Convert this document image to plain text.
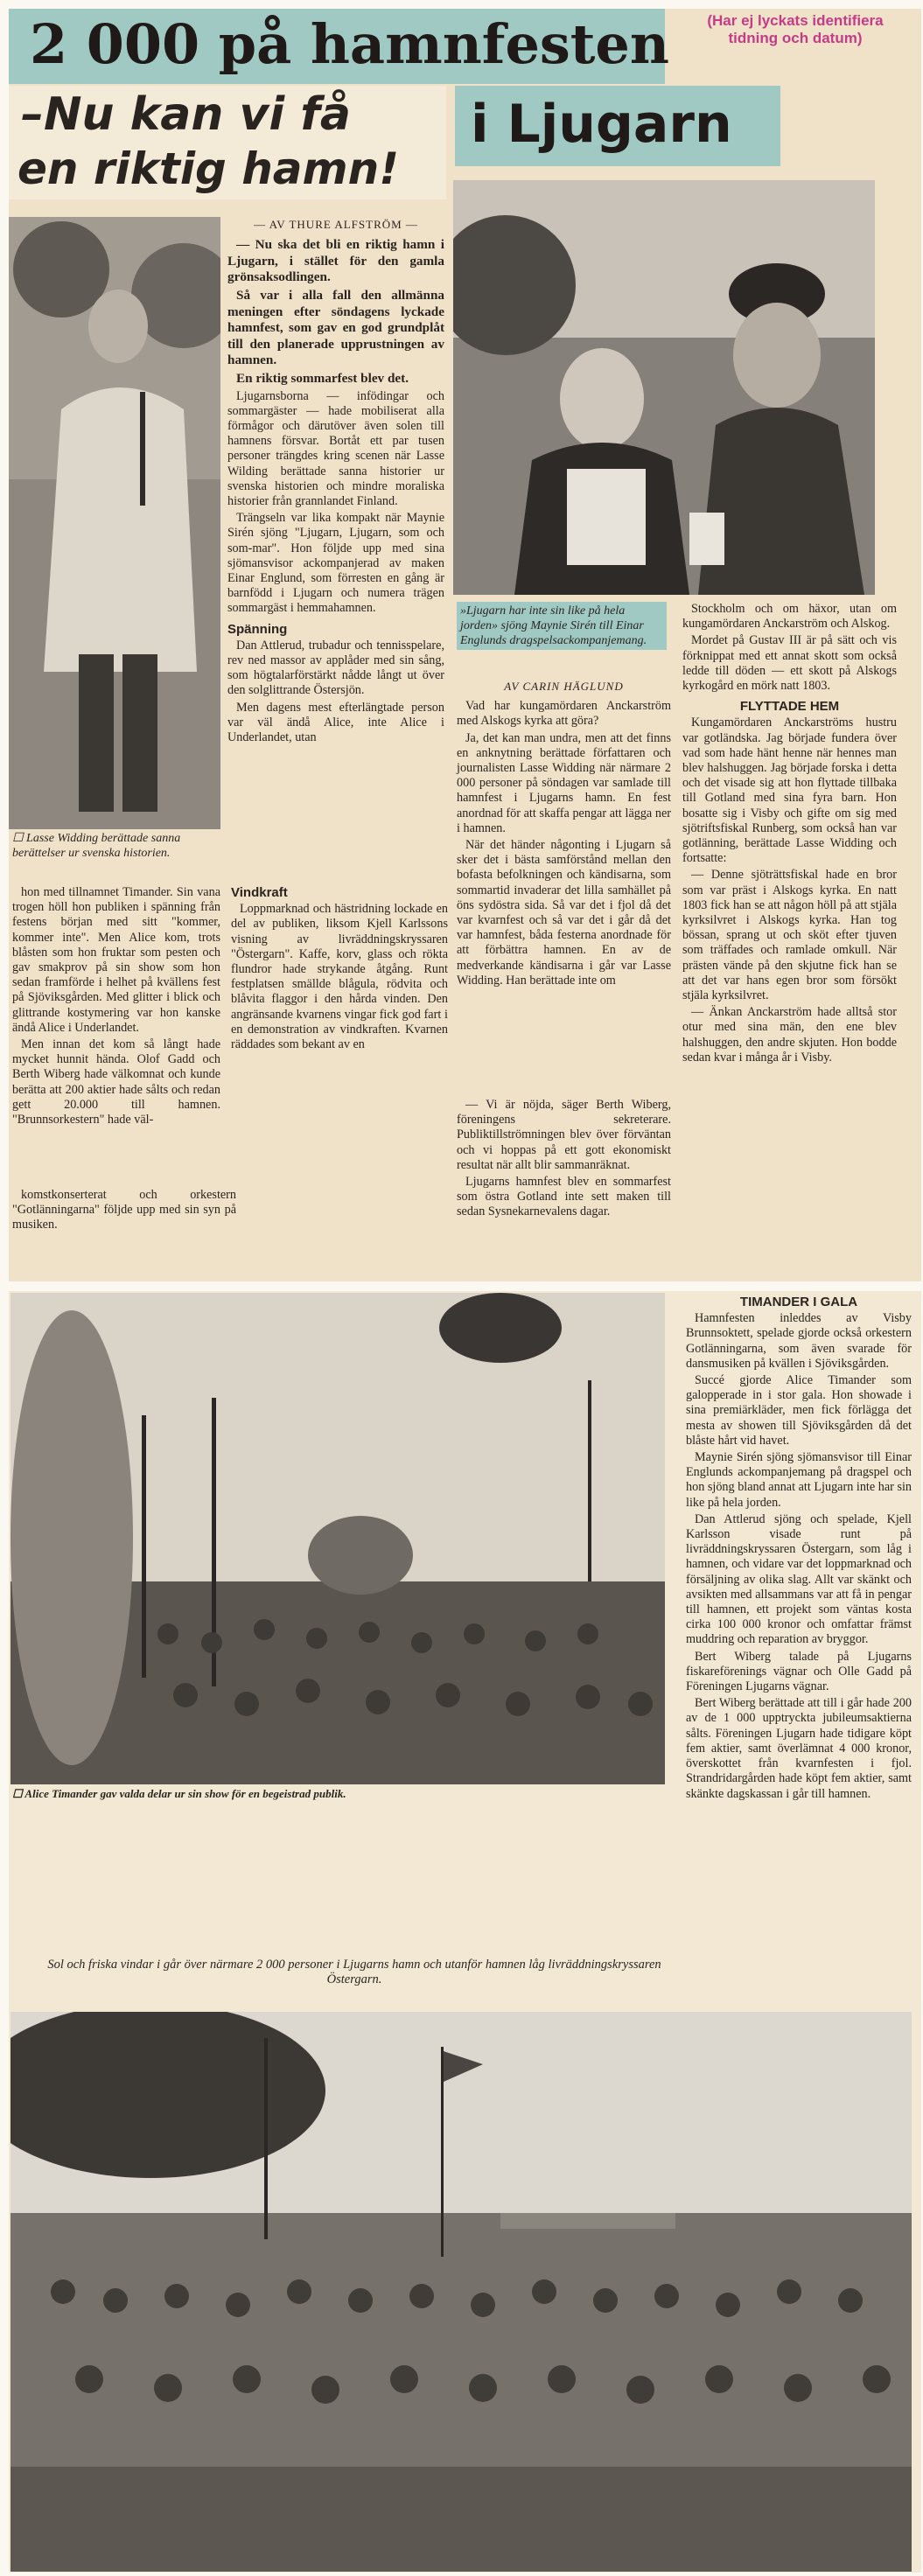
2 000 på hamnfesten	(Har ej lyckats identifiera
tidning och datum)
–Nu kan vi få
en riktig hamn!
i Ljugarn
☐ Lasse Widding berättade sanna berättelser ur svenska historien.
— AV THURE ALFSTRÖM —

— Nu ska det bli en riktig hamn i Ljugarn, i stället för den gamla grönsaksodlingen.

Så var i alla fall den allmänna meningen efter söndagens lyckade hamnfest, som gav en god grundplåt till den planerade upprustningen av hamnen.

En riktig sommarfest blev det.

Ljugarnsborna — infödingar och sommargäster — hade mobiliserat alla förmågor och därutöver även solen till hamnens försvar. Bortåt ett par tusen personer trängdes kring scenen när Lasse Wilding berättade sanna historier ur svenska historien och mindre moraliska historier från grannlandet Finland.

Trängseln var lika kompakt när Maynie Sirén sjöng "Ljugarn, Ljugarn, som och som-mar". Hon följde upp med sina sjömansvisor ackompanjerad av maken Einar Englund, som förresten en gång är barnfödd i Ljugarn och numera trägen sommargäst i hemmahamnen.

Spänning

Dan Attlerud, trubadur och tennisspelare, rev ned massor av applåder med sin sång, som högtalarförstärkt nådde långt ut över den solglittrande Östersjön.

Men dagens mest efterlängtade person var väl ändå Alice, inte Alice i Underlandet, utan

hon med tillnamnet Timander. Sin vana trogen höll hon publiken i spänning från festens början med sitt "kommer, kommer inte". Men Alice kom, trots blåsten som hon fruktar som pesten och gav smakprov på sin show som hon sedan framförde i helhet på kvällens fest på Sjöviksgården. Med glitter i blick och glittrande kostymering var hon kanske ändå Alice i Underlandet.

Men innan det kom så långt hade mycket hunnit hända. Olof Gadd och Berth Wiberg hade välkomnat och kunde berätta att 200 aktier hade sålts och redan gett 20.000 till hamnen. "Brunnsorkestern" hade väl-

komstkonserterat och orkestern "Gotlänningarna" följde upp med sin syn på musiken.

Vindkraft

Loppmarknad och hästridning lockade en del av publiken, liksom Kjell Karlssons visning av livräddningskryssaren "Östergarn". Kaffe, korv, glass och rökta flundror hade strykande åtgång. Runt festplatsen smällde blågula, rödvita och blåvita flaggor i den hårda vinden. Den angränsande kvarnens vingar fick god fart i en demonstration av vindkraften. Kvarnen räddades som bekant av en

»Ljugarn har inte sin like på hela jorden» sjöng Maynie Sirén till Einar Englunds dragspelsackompanjemang.
AV CARIN HÄGLUND

Vad har kungamördaren Anckarström med Alskogs kyrka att göra?

Ja, det kan man undra, men att det finns en anknytning berättade författaren och journalisten Lasse Widding när närmare 2 000 personer på söndagen var samlade till hamnfest i Ljugarns hamn. En fest anordnad för att skaffa pengar att lägga ner i hamnen.

När det händer någonting i Ljugarn så sker det i bästa samförstånd mellan den bofasta befolkningen och kändisarna, som sommartid invaderar det lilla samhället på öns sydöstra sida. Så var det i fjol då det var kvarnfest och så var det i går då det var hamnfest, båda festerna anordnade för att förbättra hamnen. En av de medverkande kändisarna i går var Lasse Widding. Han berättade inte om

— Vi är nöjda, säger Berth Wiberg, föreningens sekreterare. Publiktillströmningen blev över förväntan och vi hoppas på ett gott ekonomiskt resultat när allt blir sammanräknat.

Ljugarns hamnfest blev en sommarfest som östra Gotland inte sett maken till sedan Sysnekarnevalens dagar.

Stockholm och om häxor, utan om kungamördaren Anckarström och Alskog.

Mordet på Gustav III är på sätt och vis förknippat med ett annat skott som också ledde till döden — ett skott på Alskogs kyrkogård en mörk natt 1803.

FLYTTADE HEM

Kungamördaren Anckarströms hustru var gotländska. Jag började fundera över vad som hade hänt henne när hennes man blev halshuggen. Jag började forska i detta och det visade sig att hon flyttade tillbaka till Gotland med sina fyra barn. Hon bosatte sig i Visby och gifte om sig med sjötriftsfiskal Runberg, som också han var gotlänning, berättade Lasse Widding och fortsatte:

— Denne sjöträttsfiskal hade en bror som var präst i Alskogs kyrka. En natt 1803 fick han se att någon höll på att stjäla kyrksilvret i Alskogs kyrka. Han tog bössan, sprang ut och sköt efter tjuven som träffades och ramlade omkull. När prästen vände på den skjutne fick han se att det var hans egen bror som försökt stjäla kyrksilvret.

— Änkan Anckarström hade alltså stor otur med sina män, den ene blev halshuggen, den andre skjuten. Hon bodde sedan kvar i många år i Visby.

☐ Alice Timander gav valda delar ur sin show för en begeistrad publik.
TIMANDER I GALA

Hamnfesten inleddes av Visby Brunnsoktett, spelade gjorde också orkestern Gotlänningarna, som även svarade för dansmusiken på kvällen i Sjöviksgården.

Succé gjorde Alice Timander som galopperade in i stor gala. Hon showade i sina premiärkläder, men fick förlägga det mesta av showen till Sjöviksgården då det blåste hårt vid havet.

Maynie Sirén sjöng sjömansvisor till Einar Englunds ackompanjemang på dragspel och hon sjöng bland annat att Ljugarn inte har sin like på hela jorden.

Dan Attlerud sjöng och spelade, Kjell Karlsson visade runt på livräddningskryssaren Östergarn, som låg i hamnen, och vidare var det loppmarknad och försäljning av olika slag. Allt var skänkt och avsikten med allsammans var att få in pengar till hamnen, ett projekt som väntas kosta cirka 100 000 kronor och omfattar främst muddring och reparation av bryggor.

Bert Wiberg talade på Ljugarns fiskareförenings vägnar och Olle Gadd på Föreningen Ljugarns vägnar.

Bert Wiberg berättade att till i går hade 200 av de 1 000 upptryckta jubileumsaktierna sålts. Föreningen Ljugarn hade tidigare köpt fem aktier, samt överlämnat 4 000 kronor, överskottet från kvarnfesten i fjol. Strandridargården hade köpt fem aktier, samt skänkte dagskassan i går till hamnen.

Sol och friska vindar i går över närmare 2 000 personer i Ljugarns hamn och utanför hamnen låg livräddningskryssaren Östergarn.
